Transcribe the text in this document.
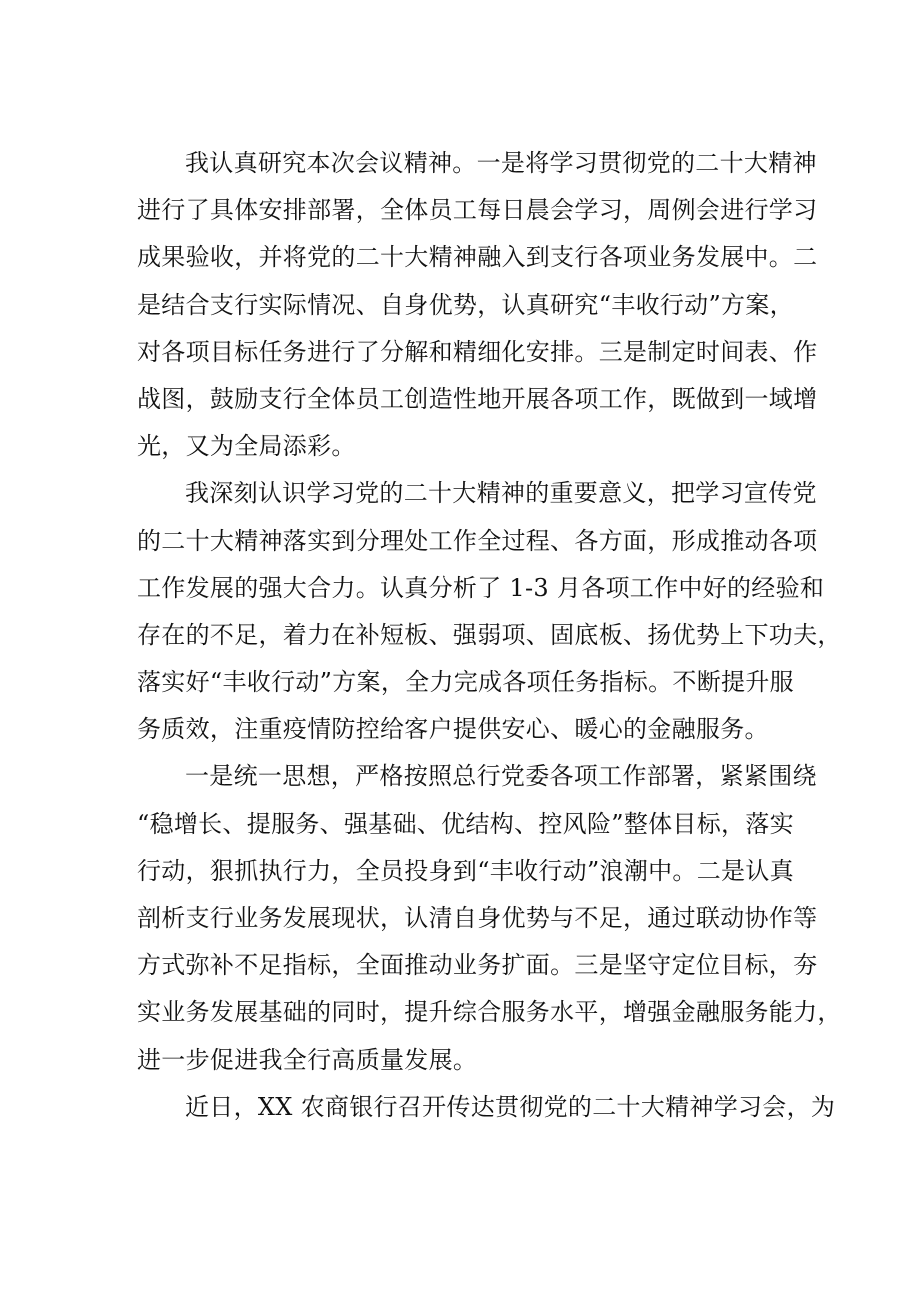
我认真研究本次会议精神。一是将学习贯彻党的二十大精神
进行了具体安排部署，全体员工每日晨会学习，周例会进行学习
成果验收，并将党的二十大精神融入到支行各项业务发展中。二
是结合支行实际情况、自身优势，认真研究“丰收行动”方案，
对各项目标任务进行了分解和精细化安排。三是制定时间表、作
战图，鼓励支行全体员工创造性地开展各项工作，既做到一域增
光，又为全局添彩。
我深刻认识学习党的二十大精神的重要意义，把学习宣传党
的二十大精神落实到分理处工作全过程、各方面，形成推动各项
工作发展的强大合力。认真分析了 1-3 月各项工作中好的经验和
存在的不足，着力在补短板、强弱项、固底板、扬优势上下功夫，
落实好“丰收行动”方案，全力完成各项任务指标。不断提升服
务质效，注重疫情防控给客户提供安心、暖心的金融服务。
一是统一思想，严格按照总行党委各项工作部署，紧紧围绕
“稳增长、提服务、强基础、优结构、控风险”整体目标，落实
行动，狠抓执行力，全员投身到“丰收行动”浪潮中。二是认真
剖析支行业务发展现状，认清自身优势与不足，通过联动协作等
方式弥补不足指标，全面推动业务扩面。三是坚守定位目标，夯
实业务发展基础的同时，提升综合服务水平，增强金融服务能力，
进一步促进我全行高质量发展。
近日，XX 农商银行召开传达贯彻党的二十大精神学习会，为
